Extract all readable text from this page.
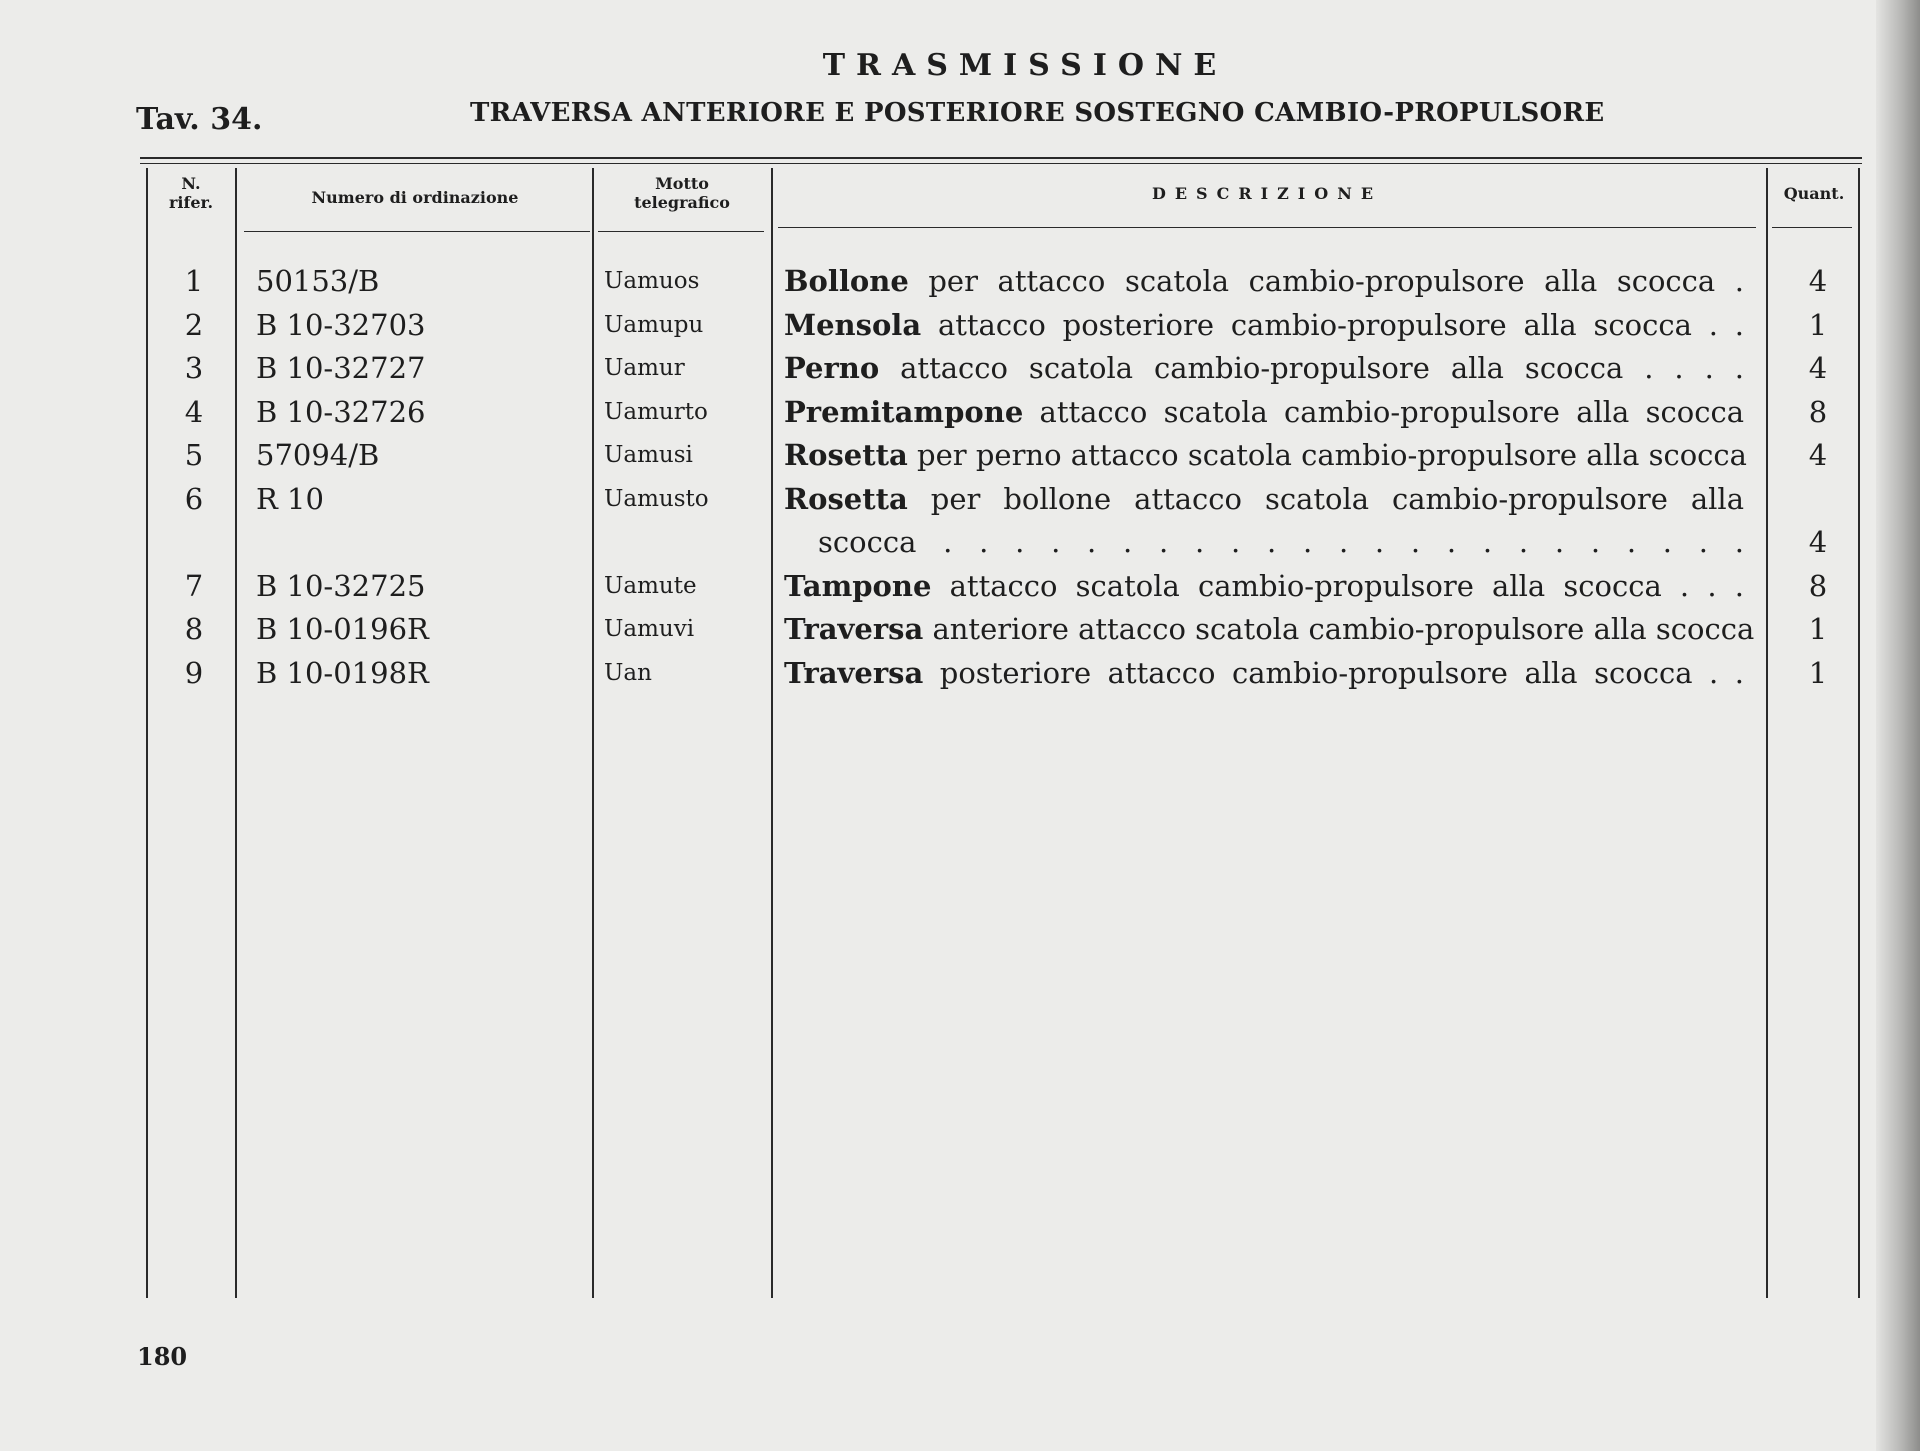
TRASMISSIONE
Tav. 34.	TRAVERSA ANTERIORE E POSTERIORE SOSTEGNO CAMBIO-PROPULSORE
N.
rifer.	Numero di ordinazione
Motto
telegrafico	DESCRIZIONE	Quant.
1	50153/B	Uamuos	Bollone per attacco scatola cambio-propulsore alla scocca .	4
2	B 10-32703	Uamupu	Mensola attacco posteriore cambio-propulsore alla scocca . .	1
3	B 10-32727	Uamur	Perno attacco scatola cambio-propulsore alla scocca . . . .	4
4	B 10-32726	Uamurto	Premitampone attacco scatola cambio-propulsore alla scocca	8
5	57094/B	Uamusi	Rosetta per perno attacco scatola cambio-propulsore alla scocca	4
6	R 10	Uamusto	Rosetta per bollone attacco scatola cambio-propulsore alla
scocca . . . . . . . . . . . . . . . . . . . . . . .	4
7	B 10-32725	Uamute	Tampone attacco scatola cambio-propulsore alla scocca . . .	8
8	B 10-0196R	Uamuvi	Traversa anteriore attacco scatola cambio-propulsore alla scocca	1
9	B 10-0198R	Uan	Traversa posteriore attacco cambio-propulsore alla scocca . .	1
180
